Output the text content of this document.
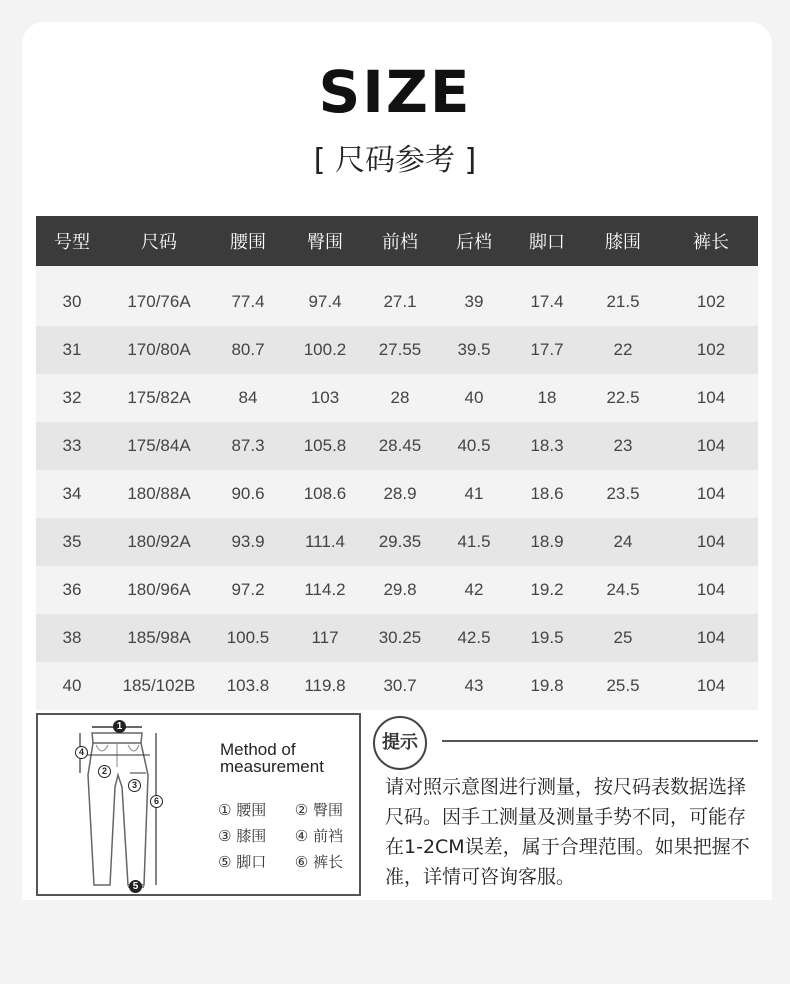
SIZE
[ 尺码参考 ]
号型	尺码	腰围	臀围	前档	后档	脚口	膝围	裤长

30	170/76A	77.4	97.4	27.1	39	17.4	21.5	102
31	170/80A	80.7	100.2	27.55	39.5	17.7	22	102
32	175/82A	84	103	28	40	18	22.5	104
33	175/84A	87.3	105.8	28.45	40.5	18.3	23	104
34	180/88A	90.6	108.6	28.9	41	18.6	23.5	104
35	180/92A	93.9	111.4	29.35	41.5	18.9	24	104
36	180/96A	97.2	114.2	29.8	42	19.2	24.5	104
38	185/98A	100.5	117	30.25	42.5	19.5	25	104
40	185/102B	103.8	119.8	30.7	43	19.8	25.5	104
1
4
2
3
6
5
Method of
measurement
① 腰围 ② 臀围
③ 膝围 ④ 前裆
⑤ 脚口 ⑥ 裤长
提示
请对照示意图进行测量，按尺码表数据选择尺码。因手工测量及测量手势不同，可能存在1-2CM误差，属于合理范围。如果把握不准，详情可咨询客服。
